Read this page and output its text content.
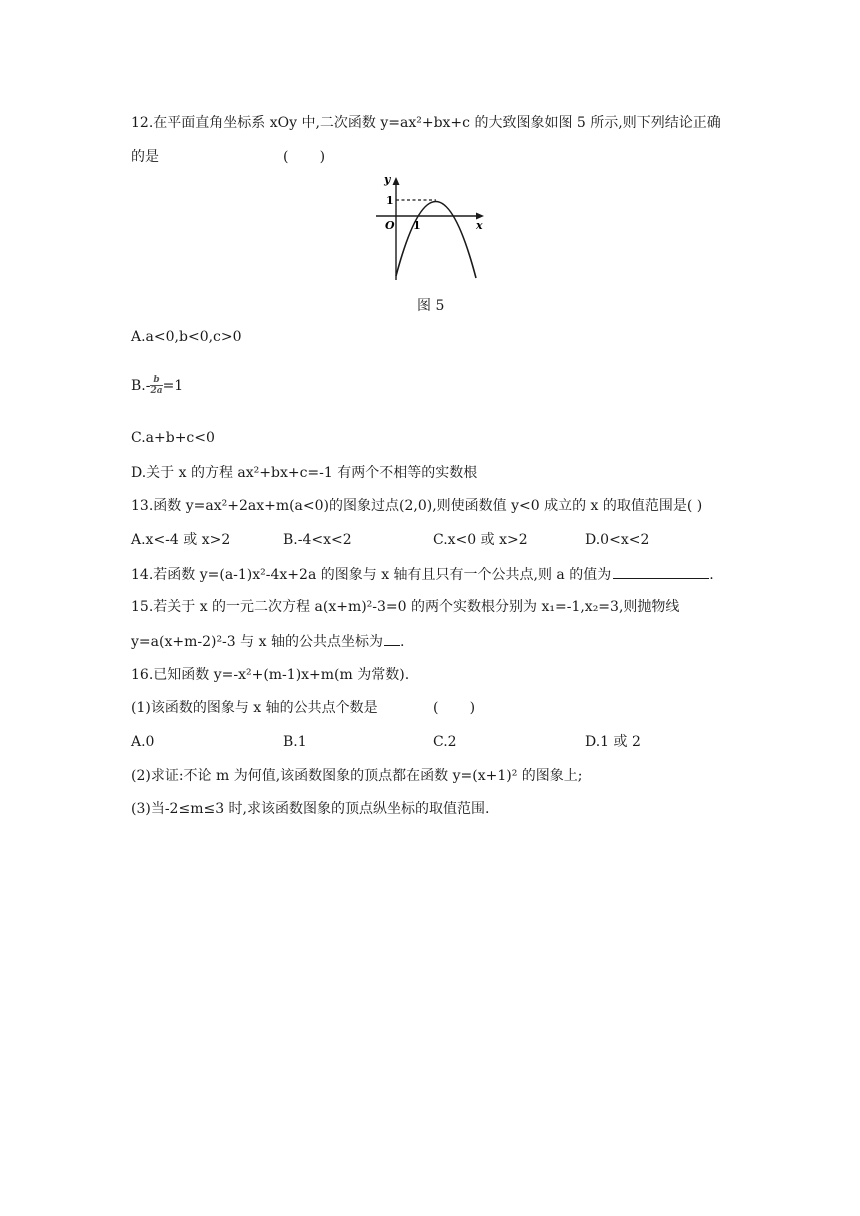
12.在平面直角坐标系 xOy 中,二次函数 y=ax²+bx+c 的大致图象如图 5 所示,则下列结论正确
的是	(       )
y
x
O 1
1
图 5
A.a<0,b<0,c>0
$B.- \frac{b}{2a} =1$
C.a+b+c<0
D.关于 x 的方程 ax²+bx+c=-1 有两个不相等的实数根
13.函数 y=ax²+2ax+m(a<0)的图象过点(2,0),则使函数值 y<0 成立的 x 的取值范围是( )
A.x<-4 或 x>2	B.-4<x<2	C.x<0 或 x>2	D.0<x<2
14.若函数 y=(a-1)x²-4x+2a 的图象与 x 轴有且只有一个公共点,则 a 的值为	.
15.若关于 x 的一元二次方程 a(x+m)²-3=0 的两个实数根分别为 x₁=-1,x₂=3,则抛物线
y=a(x+m-2)²-3 与 x 轴的公共点坐标为 .
16.已知函数 y=-x²+(m-1)x+m(m 为常数).
(1)该函数的图象与 x 轴的公共点个数是	(       )
A.0	B.1	C.2	D.1 或 2
(2)求证:不论 m 为何值,该函数图象的顶点都在函数 y=(x+1)² 的图象上;
(3)当-2≤m≤3 时,求该函数图象的顶点纵坐标的取值范围.
